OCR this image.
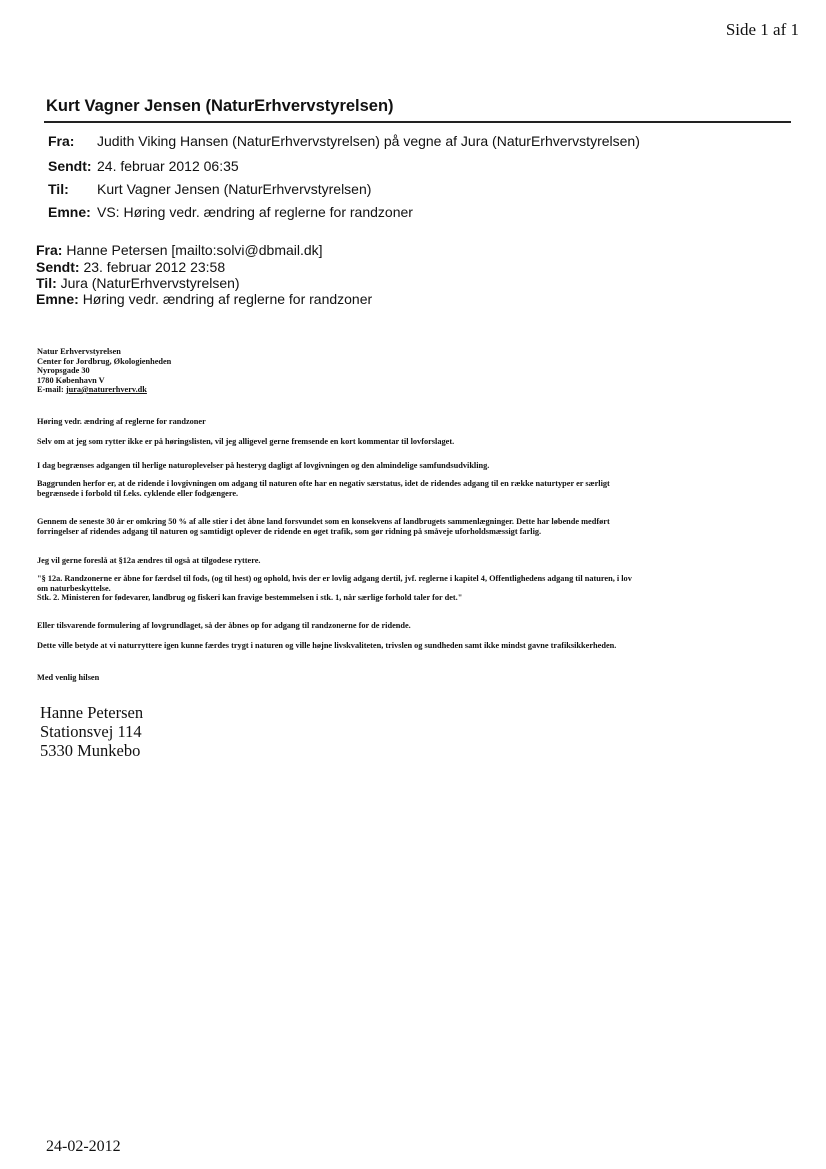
Side 1 af 1
Kurt Vagner Jensen (NaturErhvervstyrelsen)
Fra:	Judith Viking Hansen (NaturErhvervstyrelsen) på vegne af Jura (NaturErhvervstyrelsen)
Sendt: 24. februar 2012 06:35
Til:	Kurt Vagner Jensen (NaturErhvervstyrelsen)
Emne: VS: Høring vedr. ændring af reglerne for randzoner
Fra: Hanne Petersen [mailto:solvi@dbmail.dk]
Sendt: 23. februar 2012 23:58
Til: Jura (NaturErhvervstyrelsen)
Emne: Høring vedr. ændring af reglerne for randzoner
Natur Erhvervstyrelsen
Center for Jordbrug, Økologienheden
Nyropsgade 30
1780 København V
E-mail: jura@naturerhverv.dk
Høring vedr. ændring af reglerne for randzoner
Selv om at jeg som rytter ikke er på høringslisten, vil jeg alligevel gerne fremsende en kort kommentar til lovforslaget.
I dag begrænses adgangen til herlige naturoplevelser på hesteryg dagligt af lovgivningen og den almindelige samfundsudvikling.
Baggrunden herfor er, at de ridende i lovgivningen om adgang til naturen ofte har en negativ særstatus, idet de ridendes adgang til en række naturtyper er særligt
begrænsede i forbold til f.eks. cyklende eller fodgængere.
Gennem de seneste 30 år er omkring 50 % af alle stier i det åbne land forsvundet som en konsekvens af landbrugets sammenlægninger. Dette har løbende medført
forringelser af ridendes adgang til naturen og samtidigt oplever de ridende en øget trafik, som gør ridning på småveje uforholdsmæssigt farlig.
Jeg vil gerne foreslå at §12a ændres til også at tilgodese ryttere.
"§ 12a. Randzonerne er åbne for færdsel til fods, (og til hest) og ophold, hvis der er lovlig adgang dertil, jvf. reglerne i kapitel 4, Offentlighedens adgang til naturen, i lov
om naturbeskyttelse.
Stk. 2. Ministeren for fødevarer, landbrug og fiskeri kan fravige bestemmelsen i stk. 1, når særlige forhold taler for det."
Eller tilsvarende formulering af lovgrundlaget, så der åbnes op for adgang til randzonerne for de ridende.
Dette ville betyde at vi naturryttere igen kunne færdes trygt i naturen og ville højne livskvaliteten, trivslen og sundheden samt ikke mindst gavne trafiksikkerheden.
Med venlig hilsen
Hanne Petersen
Stationsvej 114
5330 Munkebo
24-02-2012
